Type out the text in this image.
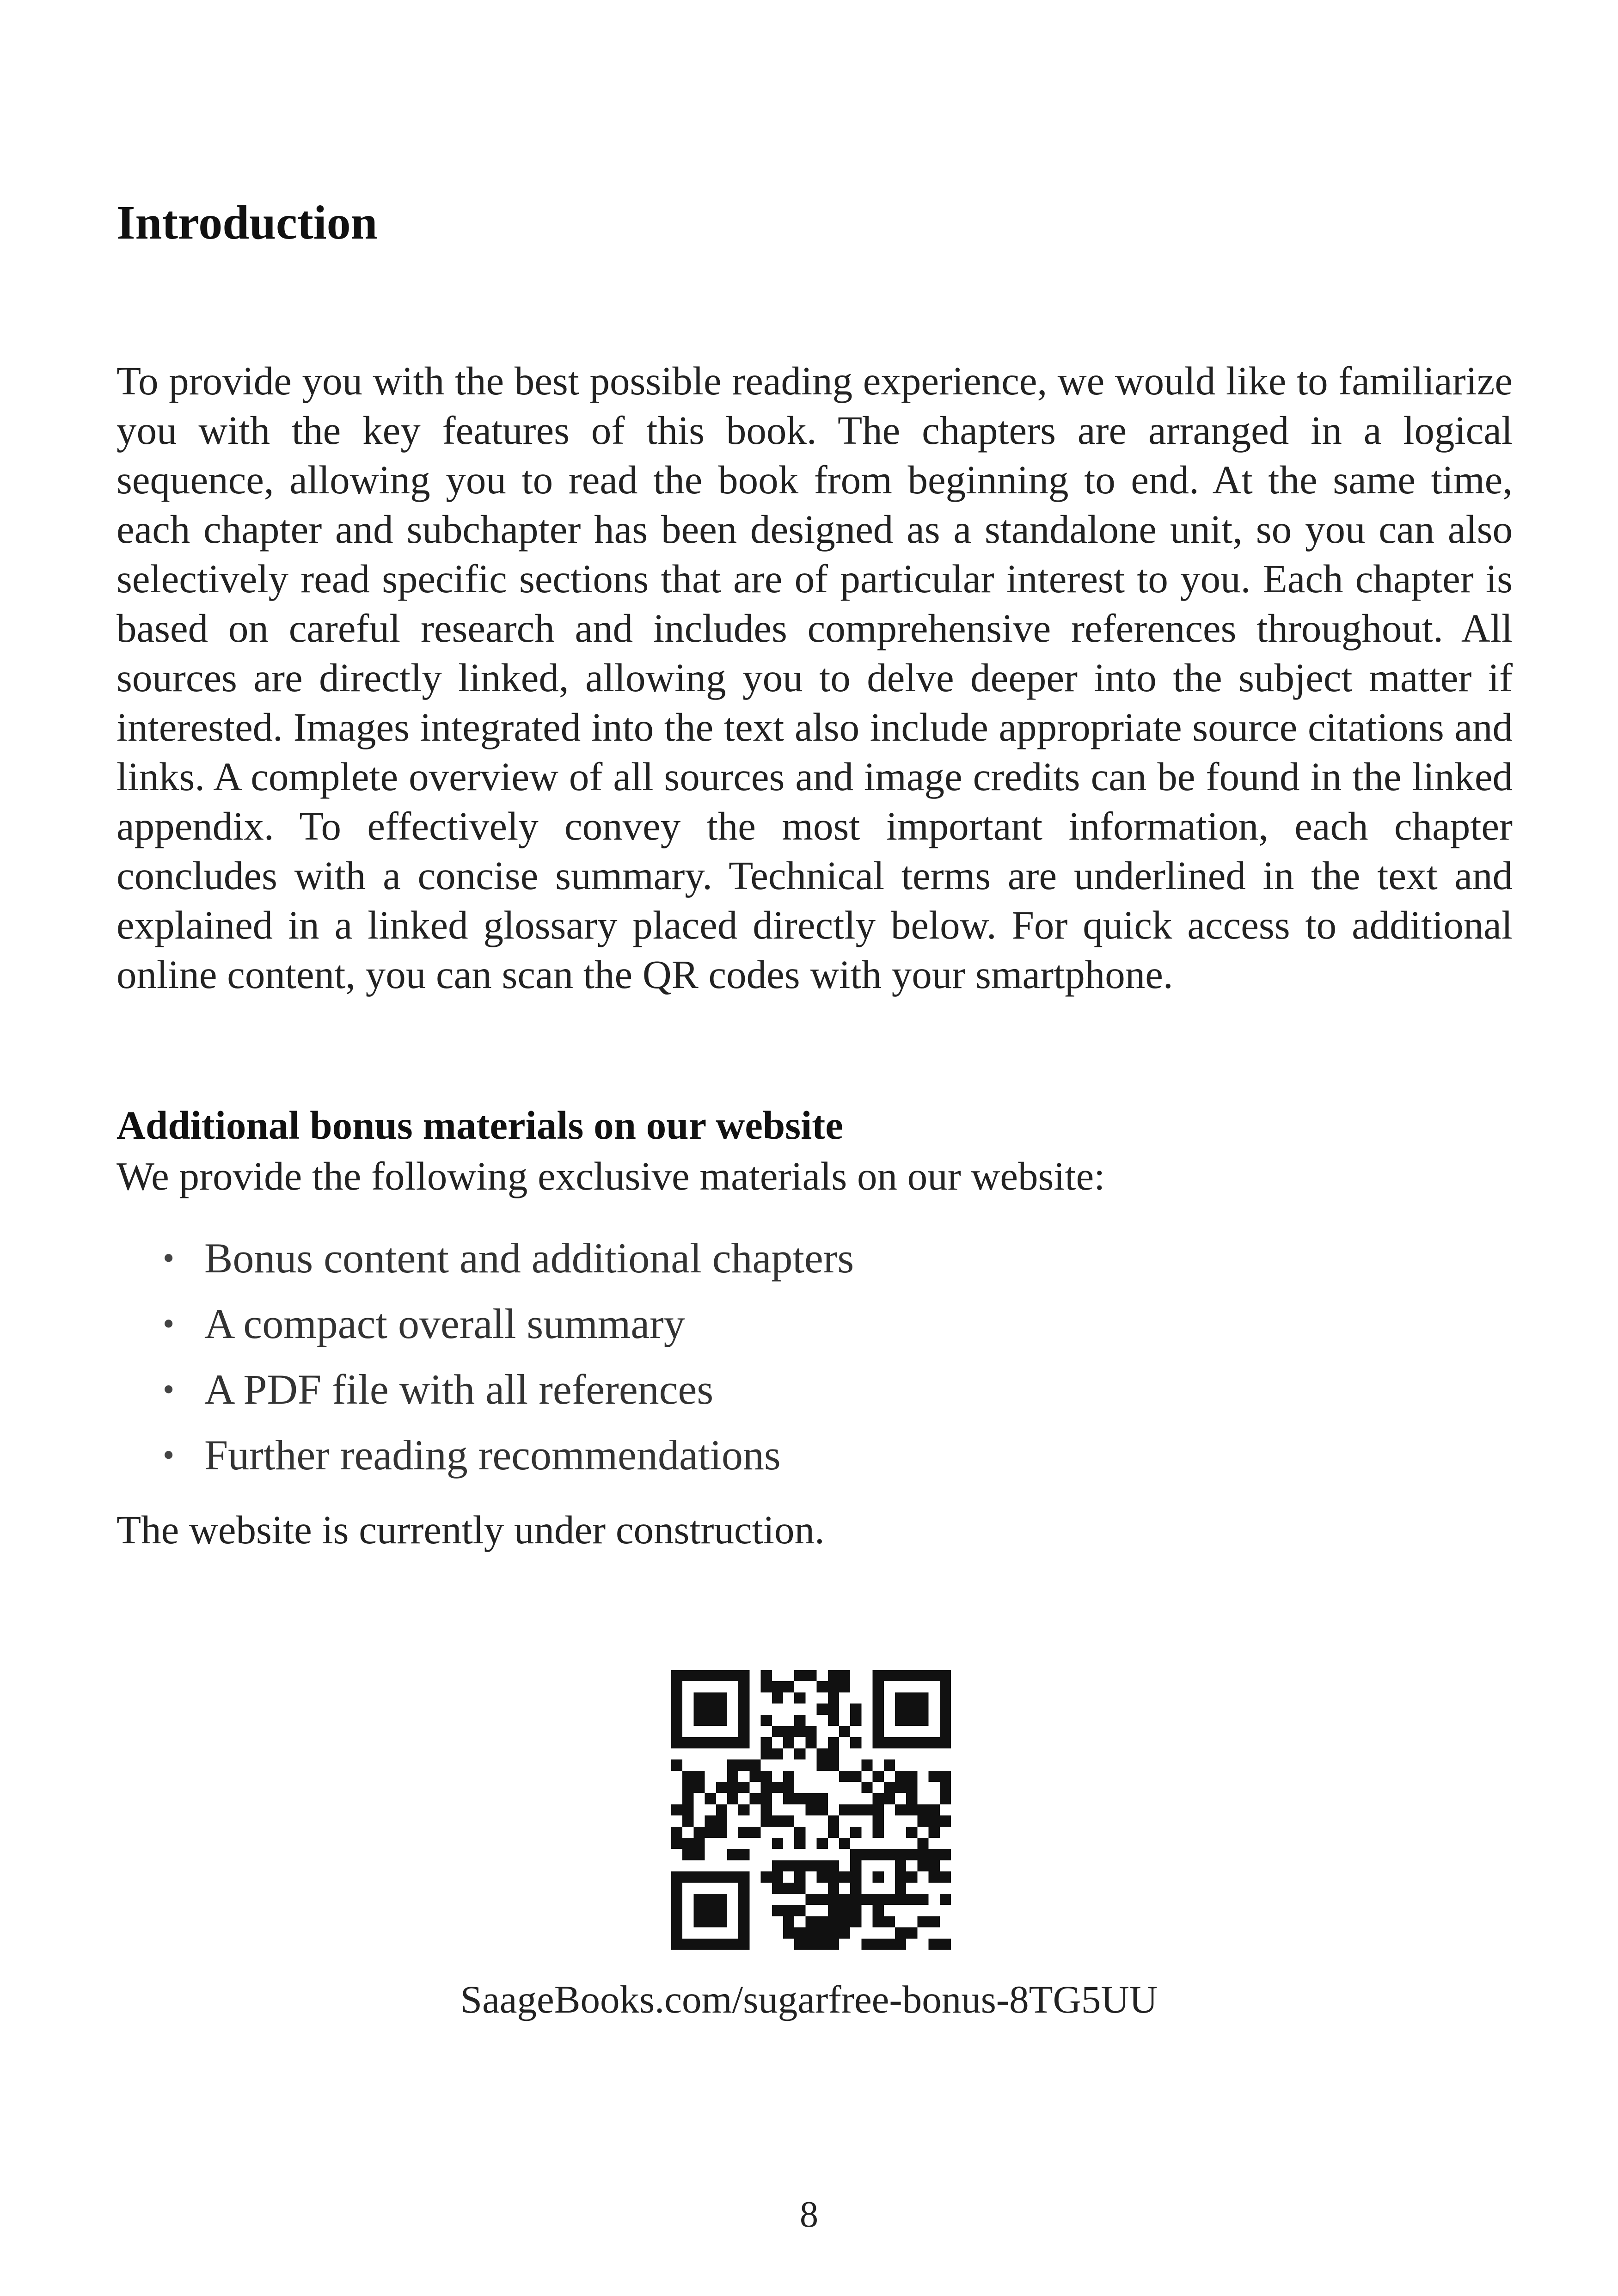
Introduction

To provide you with the best possible reading experience, we would like to familiarize you with the key features of this book. The chapters are arranged in a logical sequence, allowing you to read the book from beginning to end. At the same time, each chapter and subchapter has been designed as a standalone unit, so you can also selectively read specific sections that are of particular interest to you. Each chapter is based on careful research and includes comprehensive references throughout. All sources are directly linked, allowing you to delve deeper into the subject matter if interested. Images integrated into the text also include appropriate source citations and links. A complete overview of all sources and image credits can be found in the linked appendix. To effectively convey the most important information, each chapter concludes with a concise summary. Technical terms are underlined in the text and explained in a linked glossary placed directly below. For quick access to additional online content, you can scan the QR codes with your smartphone.

Additional bonus materials on our website

We provide the following exclusive materials on our website:

• Bonus content and additional chapters
• A compact overall summary
• A PDF file with all references
• Further reading recommendations

The website is currently under construction.

SaageBooks.com/sugarfree-bonus-8TG5UU

8
